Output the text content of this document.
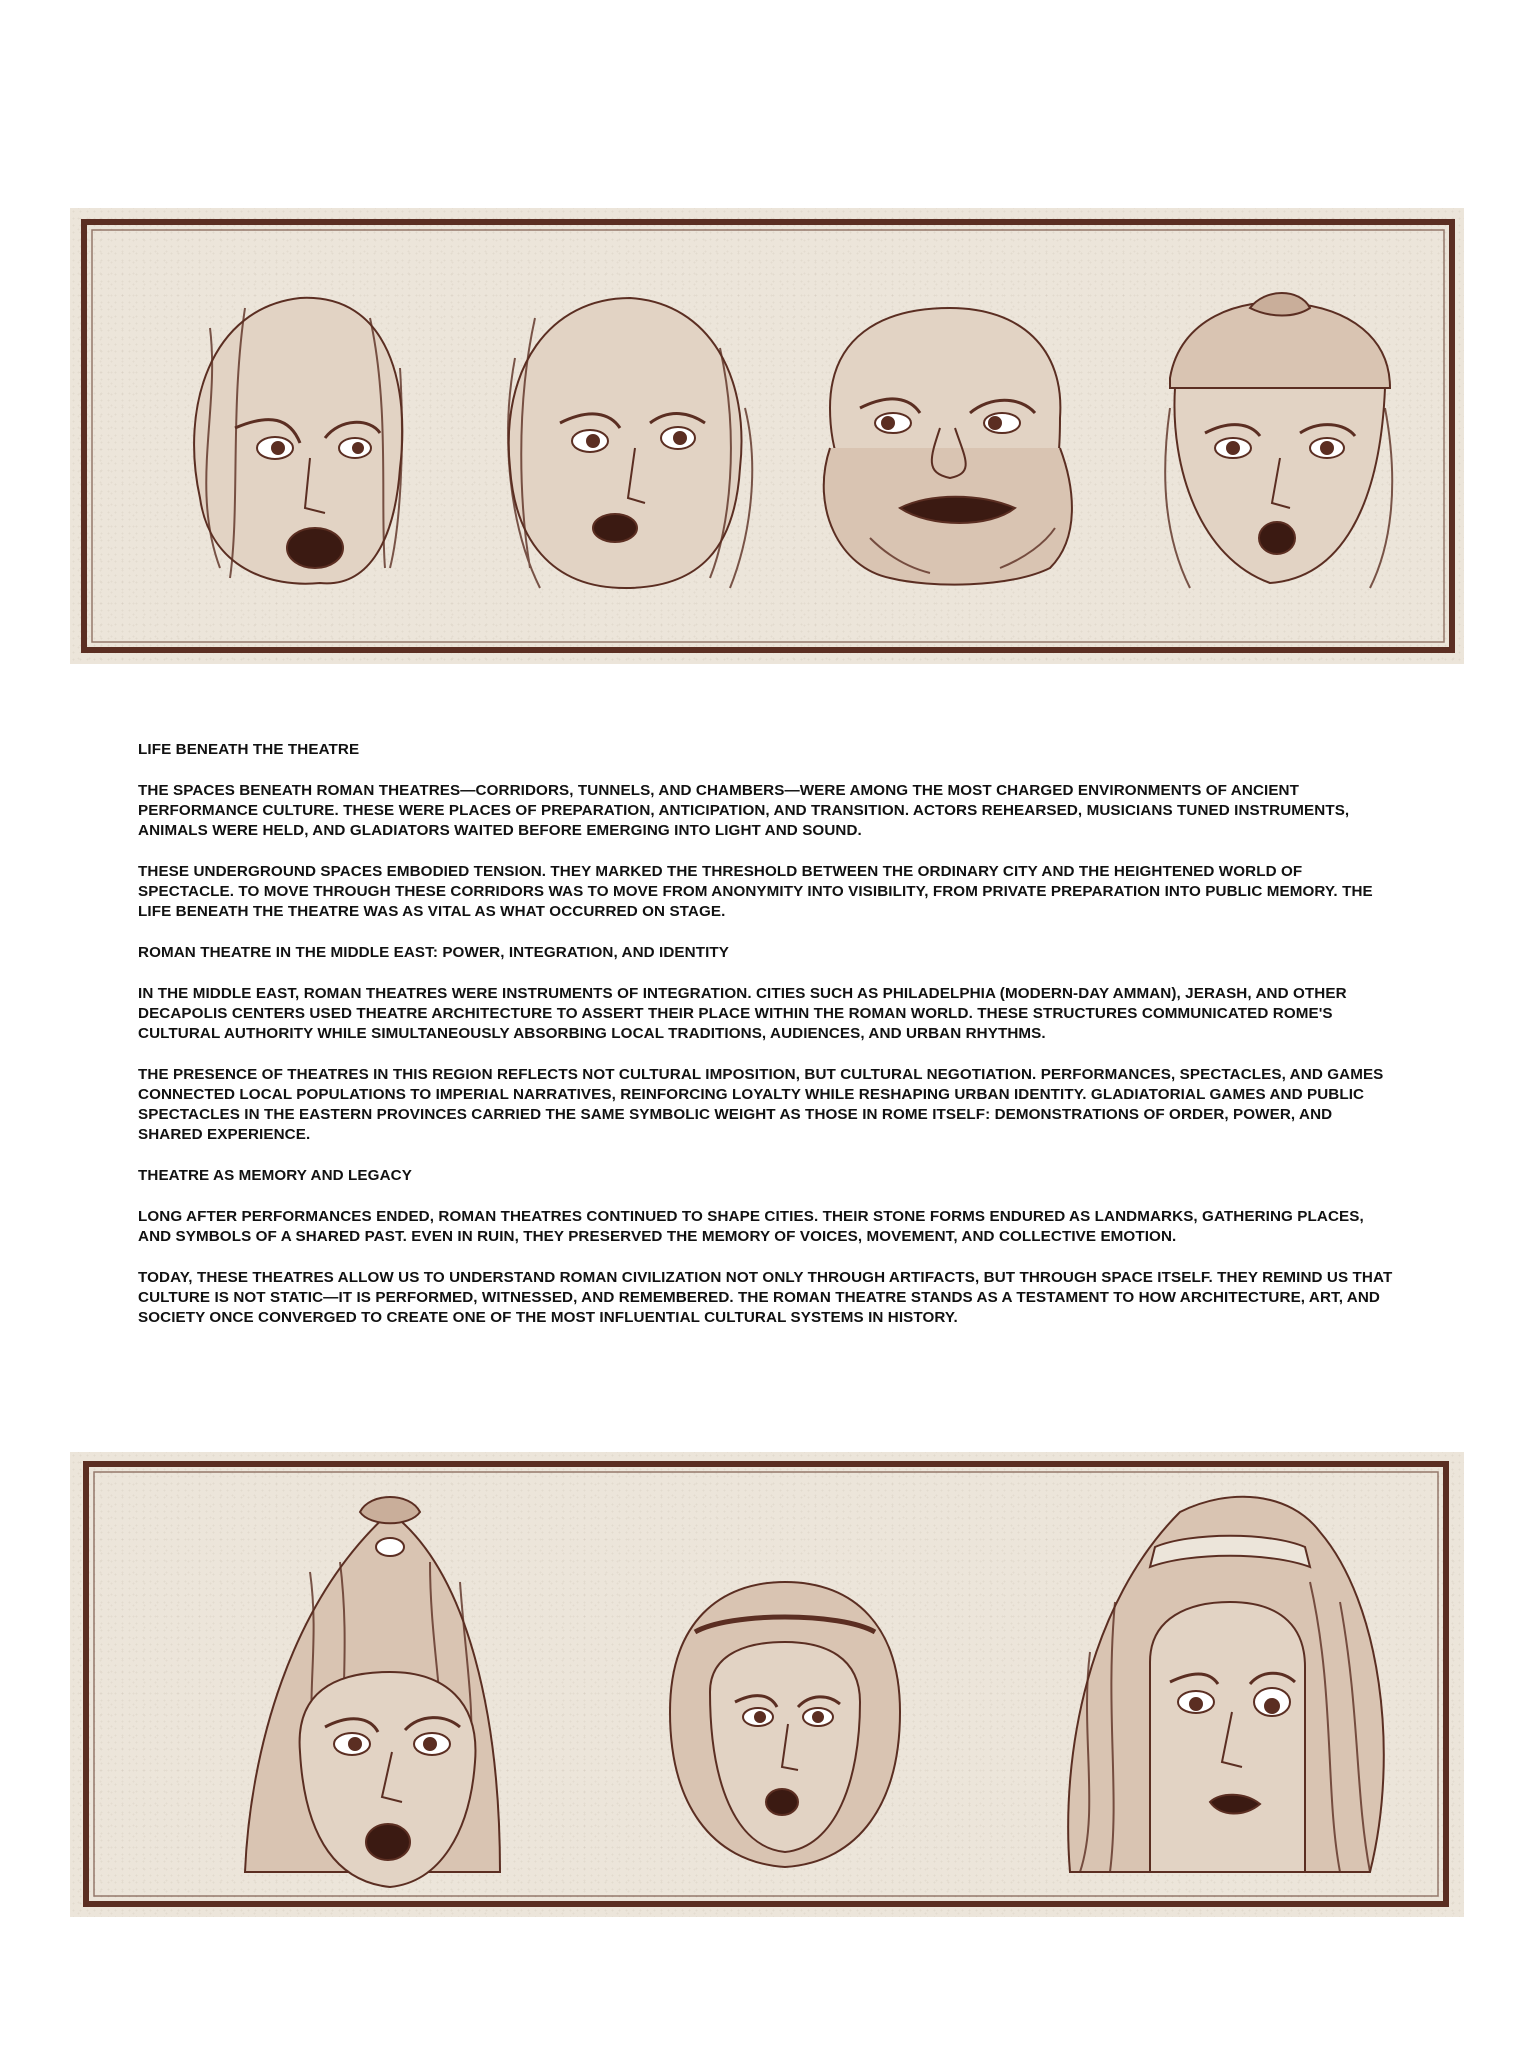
LIFE BENEATH THE THEATRE

THE SPACES BENEATH ROMAN THEATRES—CORRIDORS, TUNNELS, AND CHAMBERS—WERE AMONG THE MOST CHARGED ENVIRONMENTS OF ANCIENT PERFORMANCE CULTURE. THESE WERE PLACES OF PREPARATION, ANTICIPATION, AND TRANSITION. ACTORS REHEARSED, MUSICIANS TUNED INSTRUMENTS, ANIMALS WERE HELD, AND GLADIATORS WAITED BEFORE EMERGING INTO LIGHT AND SOUND.

THESE UNDERGROUND SPACES EMBODIED TENSION. THEY MARKED THE THRESHOLD BETWEEN THE ORDINARY CITY AND THE HEIGHTENED WORLD OF SPECTACLE. TO MOVE THROUGH THESE CORRIDORS WAS TO MOVE FROM ANONYMITY INTO VISIBILITY, FROM PRIVATE PREPARATION INTO PUBLIC MEMORY. THE LIFE BENEATH THE THEATRE WAS AS VITAL AS WHAT OCCURRED ON STAGE.

ROMAN THEATRE IN THE MIDDLE EAST: POWER, INTEGRATION, AND IDENTITY

IN THE MIDDLE EAST, ROMAN THEATRES WERE INSTRUMENTS OF INTEGRATION. CITIES SUCH AS PHILADELPHIA (MODERN-DAY AMMAN), JERASH, AND OTHER DECAPOLIS CENTERS USED THEATRE ARCHITECTURE TO ASSERT THEIR PLACE WITHIN THE ROMAN WORLD. THESE STRUCTURES COMMUNICATED ROME'S CULTURAL AUTHORITY WHILE SIMULTANEOUSLY ABSORBING LOCAL TRADITIONS, AUDIENCES, AND URBAN RHYTHMS.

THE PRESENCE OF THEATRES IN THIS REGION REFLECTS NOT CULTURAL IMPOSITION, BUT CULTURAL NEGOTIATION. PERFORMANCES, SPECTACLES, AND GAMES CONNECTED LOCAL POPULATIONS TO IMPERIAL NARRATIVES, REINFORCING LOYALTY WHILE RESHAPING URBAN IDENTITY. GLADIATORIAL GAMES AND PUBLIC SPECTACLES IN THE EASTERN PROVINCES CARRIED THE SAME SYMBOLIC WEIGHT AS THOSE IN ROME ITSELF: DEMONSTRATIONS OF ORDER, POWER, AND SHARED EXPERIENCE.

THEATRE AS MEMORY AND LEGACY

LONG AFTER PERFORMANCES ENDED, ROMAN THEATRES CONTINUED TO SHAPE CITIES. THEIR STONE FORMS ENDURED AS LANDMARKS, GATHERING PLACES, AND SYMBOLS OF A SHARED PAST. EVEN IN RUIN, THEY PRESERVED THE MEMORY OF VOICES, MOVEMENT, AND COLLECTIVE EMOTION.

TODAY, THESE THEATRES ALLOW US TO UNDERSTAND ROMAN CIVILIZATION NOT ONLY THROUGH ARTIFACTS, BUT THROUGH SPACE ITSELF. THEY REMIND US THAT CULTURE IS NOT STATIC—IT IS PERFORMED, WITNESSED, AND REMEMBERED. THE ROMAN THEATRE STANDS AS A TESTAMENT TO HOW ARCHITECTURE, ART, AND SOCIETY ONCE CONVERGED TO CREATE ONE OF THE MOST INFLUENTIAL CULTURAL SYSTEMS IN HISTORY.
